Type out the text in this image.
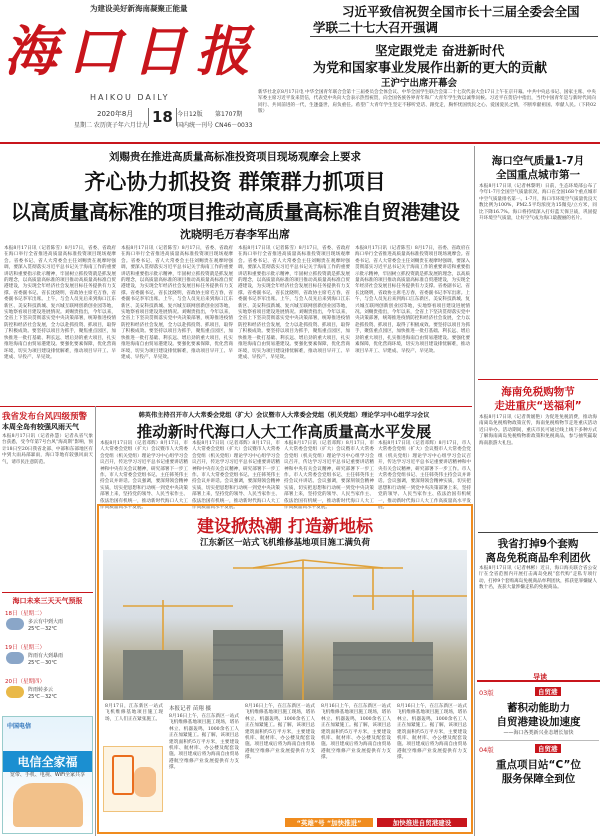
为建设美好新海南凝聚正能量
海口日报
HAIKOU DAILY
2020年8月
星期二 农历庚子年六月廿九 18 今日12版 第1707期
国内统一刊号 CN46－0033
习近平致信祝贺全国市长十三届全委会全国
学联二十七大召开强调
坚定跟党走 奋进新时代
为党和国家事业发展作出新的更大的贡献
王沪宁出席开幕会
新华社北京8月17日电 中华全国青年联合会第十三届委员会全体会议、中华全国学生联合会第二十七次代表大会17日上午在京开幕。中共中央总书记、国家主席、中央军委主席习近平发来贺信，代表党中央向大会表示热烈祝贺，向全国各族各界青年和广大青年学生致以诚挚问候。习近平在贺信中指出，当代中国青年是与新时代同向同行、共同前进的一代，生逢盛世，肩负重任。希望广大青年学生坚定不移听党话、跟党走，胸怀忧国忧民之心、爱国爱民之情，不断奉献祖国、奉献人民。（下转02版）
刘赐贵在推进高质量高标准投资项目现场观摩会上要求
齐心协力抓投资 群策群力抓项目
以高质量高标准的项目推动高质量高标准自贸港建设
沈晓明毛万春李军出席
本报8月17日讯（记者陈雪）8月17日，省委、省政府在海口举行全省推进高质量高标准投资项目现场观摩会。省委书记、省人大常委会主任刘赐贵在观摩时强调，要深入贯彻落实习近平总书记关于海南工作的重要讲话和重要指示批示精神，牢固树立抓投资就是抓发展的理念，以高质量高标准的项目推动高质量高标准自贸港建设，为实现全年经济社会发展目标任务提供有力支撑。省委副书记、省长沈晓明，省政协主席毛万春，省委副书记李军出席。上午，与会人员先后来到海口江东新区、美安科技新城、复兴城互联网创新创业园等地，实地察看项目建设进展情况。刘赐贵指出，今年以来，全省上下坚决贯彻落实党中央决策部署，统筹推进疫情防控和经济社会发展，全力以赴抓投资、抓项目，取得了积极成效。要坚持以项目为抓手，聚焦重点园区，加快推进一批打基础、利长远、增后劲的重大项目，扎实推进海南自由贸易港建设。要强化要素保障，优化营商环境，切实为项目建设排忧解难，推动项目早开工、早建成、早投产、早见效。
本报8月17日讯（记者陈雪）8月17日，省委、省政府在海口举行全省推进高质量高标准投资项目现场观摩会。省委书记、省人大常委会主任刘赐贵在观摩时强调，要深入贯彻落实习近平总书记关于海南工作的重要讲话和重要指示批示精神，牢固树立抓投资就是抓发展的理念，以高质量高标准的项目推动高质量高标准自贸港建设，为实现全年经济社会发展目标任务提供有力支撑。省委副书记、省长沈晓明，省政协主席毛万春，省委副书记李军出席。上午，与会人员先后来到海口江东新区、美安科技新城、复兴城互联网创新创业园等地，实地察看项目建设进展情况。刘赐贵指出，今年以来，全省上下坚决贯彻落实党中央决策部署，统筹推进疫情防控和经济社会发展，全力以赴抓投资、抓项目，取得了积极成效。要坚持以项目为抓手，聚焦重点园区，加快推进一批打基础、利长远、增后劲的重大项目，扎实推进海南自由贸易港建设。要强化要素保障，优化营商环境，切实为项目建设排忧解难，推动项目早开工、早建成、早投产、早见效。
本报8月17日讯（记者陈雪）8月17日，省委、省政府在海口举行全省推进高质量高标准投资项目现场观摩会。省委书记、省人大常委会主任刘赐贵在观摩时强调，要深入贯彻落实习近平总书记关于海南工作的重要讲话和重要指示批示精神，牢固树立抓投资就是抓发展的理念，以高质量高标准的项目推动高质量高标准自贸港建设，为实现全年经济社会发展目标任务提供有力支撑。省委副书记、省长沈晓明，省政协主席毛万春，省委副书记李军出席。上午，与会人员先后来到海口江东新区、美安科技新城、复兴城互联网创新创业园等地，实地察看项目建设进展情况。刘赐贵指出，今年以来，全省上下坚决贯彻落实党中央决策部署，统筹推进疫情防控和经济社会发展，全力以赴抓投资、抓项目，取得了积极成效。要坚持以项目为抓手，聚焦重点园区，加快推进一批打基础、利长远、增后劲的重大项目，扎实推进海南自由贸易港建设。要强化要素保障，优化营商环境，切实为项目建设排忧解难，推动项目早开工、早建成、早投产、早见效。
本报8月17日讯（记者陈雪）8月17日，省委、省政府在海口举行全省推进高质量高标准投资项目现场观摩会。省委书记、省人大常委会主任刘赐贵在观摩时强调，要深入贯彻落实习近平总书记关于海南工作的重要讲话和重要指示批示精神，牢固树立抓投资就是抓发展的理念，以高质量高标准的项目推动高质量高标准自贸港建设，为实现全年经济社会发展目标任务提供有力支撑。省委副书记、省长沈晓明，省政协主席毛万春，省委副书记李军出席。上午，与会人员先后来到海口江东新区、美安科技新城、复兴城互联网创新创业园等地，实地察看项目建设进展情况。刘赐贵指出，今年以来，全省上下坚决贯彻落实党中央决策部署，统筹推进疫情防控和经济社会发展，全力以赴抓投资、抓项目，取得了积极成效。要坚持以项目为抓手，聚焦重点园区，加快推进一批打基础、利长远、增后劲的重大项目，扎实推进海南自由贸易港建设。要强化要素保障，优化营商环境，切实为项目建设排忧解难，推动项目早开工、早建成、早投产、早见效。
海口空气质量1-7月
全国重点城市第一
本报8月17日讯（记者林黎明）日前，生态环境部公布了今年1-7月全国空气质量状况，海口在全国168个重点城市中空气质量排名第一。1-7月，海口市环境空气质量优良天数比例为100%，PM2.5平均浓度为15微克/立方米，同比下降16.7%。海口将持续深入打好蓝天保卫战，巩固提升环境空气质量，让好空气成为海口最靓丽的名片。
海南免税购物节
走进重庆“送福利”
本报8月17日讯（记者黄媛艳）为促进免税消费，推动海南离岛免税购物政策宣传，海南免税购物节走进重庆活动近日举办。活动期间，重庆市民可通过线上线下多种方式了解海南离岛免税购物新政策和免税商品，参与抽奖赢取海南旅游大礼包。
我省打掉9个套购
离岛免税商品牟利团伙
本报8月17日讯（记者林彬）近日，海口海关联合省公安厅在全省范围内开展打击离岛免税“套代购”走私专项行动，打掉9个套购离岛免税商品牟利团伙，抓获犯罪嫌疑人数十名，查获大量涉嫌走私的免税商品。
导读
03版	自贸港
蓄积动能助力
自贸港建设加速度
——海口各类新兴业态增长加快
04版	自贸港
重点项目站“C”位
服务保障全到位
韩英伟主持召开市人大常委会党组（扩大）会议暨市人大常委会党组（机关党组）理论学习中心组学习会议
推动新时代海口人大工作高质量高水平发展
本报8月17日讯（记者邓辉）8月17日，市人大常委会党组（扩大）会议暨市人大常委会党组（机关党组）理论学习中心组学习会议召开，传达学习习近平总书记重要讲话精神和中央有关会议精神，研究部署下一步工作。市人大常委会党组书记、主任韩英伟主持会议并讲话。会议强调，要深刻领会精神实质，切实把思想和行动统一到党中央决策部署上来，坚持党的领导、人民当家作主、依法治国有机统一，推动新时代海口人大工作高质量高水平发展。
本报8月17日讯（记者邓辉）8月17日，市人大常委会党组（扩大）会议暨市人大常委会党组（机关党组）理论学习中心组学习会议召开，传达学习习近平总书记重要讲话精神和中央有关会议精神，研究部署下一步工作。市人大常委会党组书记、主任韩英伟主持会议并讲话。会议强调，要深刻领会精神实质，切实把思想和行动统一到党中央决策部署上来，坚持党的领导、人民当家作主、依法治国有机统一，推动新时代海口人大工作高质量高水平发展。
本报8月17日讯（记者邓辉）8月17日，市人大常委会党组（扩大）会议暨市人大常委会党组（机关党组）理论学习中心组学习会议召开，传达学习习近平总书记重要讲话精神和中央有关会议精神，研究部署下一步工作。市人大常委会党组书记、主任韩英伟主持会议并讲话。会议强调，要深刻领会精神实质，切实把思想和行动统一到党中央决策部署上来，坚持党的领导、人民当家作主、依法治国有机统一，推动新时代海口人大工作高质量高水平发展。
本报8月17日讯（记者邓辉）8月17日，市人大常委会党组（扩大）会议暨市人大常委会党组（机关党组）理论学习中心组学习会议召开，传达学习习近平总书记重要讲话精神和中央有关会议精神，研究部署下一步工作。市人大常委会党组书记、主任韩英伟主持会议并讲话。会议强调，要深刻领会精神实质，切实把思想和行动统一到党中央决策部署上来，坚持党的领导、人民当家作主、依法治国有机统一，推动新时代海口人大工作高质量高水平发展。
我省发布台风四级预警
本周全岛有较强风雨天气
本报8月17日讯（记者孙慧）记者从省气象台获悉，受今年第7号台风“海高斯”影响，预计18日至20日我省北部、中部和东部地区有中到大雨局部暴雨，海口等地有较强风雨天气，请市民注意防范。
海口未来三天天气预报
18日（星期二）
多云有中到大雨
25℃－32℃
19日（星期三）
阵雨有大到暴雨
25℃－30℃
20日（星期四）
阵雨转多云
25℃－32℃
中国电信
电信全家福
宽带、手机、电视、WiFi全家共享
建设掀热潮 打造新地标
江东新区一站式飞机维修基地项目施工满负荷
8月17日，江东新区一站式飞机维修基地项目施工现场，工人们正在紧张施工。
本报记者 苗翔 摄
8月16日上午，在江东新区一站式飞机维修基地项目施工现场，塔吊林立、机器轰鸣，1000余名工人正在加紧施工。据了解，该项目总建筑面积约5万平方米，主要建设机库、航材库、办公楼及配套设施。项目建成后将为海南自由贸易港航空维修产业发展提供有力支撑。
8月16日上午，在江东新区一站式飞机维修基地项目施工现场，塔吊林立、机器轰鸣，1000余名工人正在加紧施工。据了解，该项目总建筑面积约5万平方米，主要建设机库、航材库、办公楼及配套设施。项目建成后将为海南自由贸易港航空维修产业发展提供有力支撑。
8月16日上午，在江东新区一站式飞机维修基地项目施工现场，塔吊林立、机器轰鸣，1000余名工人正在加紧施工。据了解，该项目总建筑面积约5万平方米，主要建设机库、航材库、办公楼及配套设施。项目建成后将为海南自由贸易港航空维修产业发展提供有力支撑。
8月16日上午，在江东新区一站式飞机维修基地项目施工现场，塔吊林立、机器轰鸣，1000余名工人正在加紧施工。据了解，该项目总建筑面积约5万平方米，主要建设机库、航材库、办公楼及配套设施。项目建成后将为海南自由贸易港航空维修产业发展提供有力支撑。
“英雄”号 “加快推进”	加快推进自贸港建设
